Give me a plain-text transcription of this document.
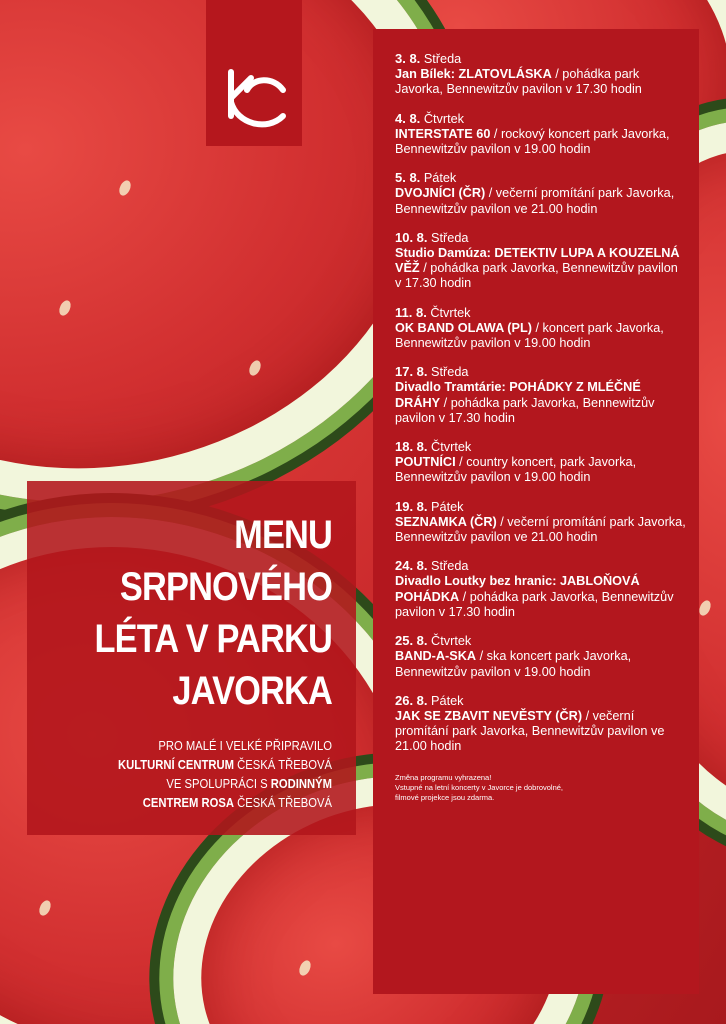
MENU
SRPNOVÉHO
LÉTA V PARKU
JAVORKA
PRO MALÉ I VELKÉ PŘIPRAVILO
KULTURNÍ CENTRUM ČESKÁ TŘEBOVÁ
VE SPOLUPRÁCI S RODINNÝM
CENTREM ROSA ČESKÁ TŘEBOVÁ
3. 8. Středa
Jan Bílek: ZLATOVLÁSKA / pohádka park Javorka, Bennewitzův pavilon v 17.30 hodin
4. 8. Čtvrtek
INTERSTATE 60 / rockový koncert park Javorka, Bennewitzův pavilon v 19.00 hodin
5. 8. Pátek
DVOJNÍCI (ČR) / večerní promítání park Javorka, Bennewitzův pavilon ve 21.00 hodin
10. 8. Středa
Studio Damúza: DETEKTIV LUPA A KOUZELNÁ VĚŽ / pohádka park Javorka, Bennewitzův pavilon v 17.30 hodin
11. 8. Čtvrtek
OK BAND OLAWA (PL) / koncert park Javorka, Bennewitzův pavilon v 19.00 hodin
17. 8. Středa
Divadlo Tramtárie: POHÁDKY Z MLÉČNÉ DRÁHY / pohádka park Javorka, Bennewitzův pavilon v 17.30 hodin
18. 8. Čtvrtek
POUTNÍCI / country koncert, park Javorka, Bennewitzův pavilon v 19.00 hodin
19. 8. Pátek
SEZNAMKA (ČR) / večerní promítání park Javorka, Bennewitzův pavilon ve 21.00 hodin
24. 8. Středa
Divadlo Loutky bez hranic: JABLOŇOVÁ POHÁDKA / pohádka park Javorka, Bennewitzův pavilon v 17.30 hodin
25. 8. Čtvrtek
BAND-A-SKA / ska koncert park Javorka, Bennewitzův pavilon v 19.00 hodin
26. 8. Pátek
JAK SE ZBAVIT NEVĚSTY (ČR) / večerní promítání park Javorka, Bennewitzův pavilon ve 21.00 hodin
Změna programu vyhrazena!
Vstupné na letní koncerty v Javorce je dobrovolné,
filmové projekce jsou zdarma.
